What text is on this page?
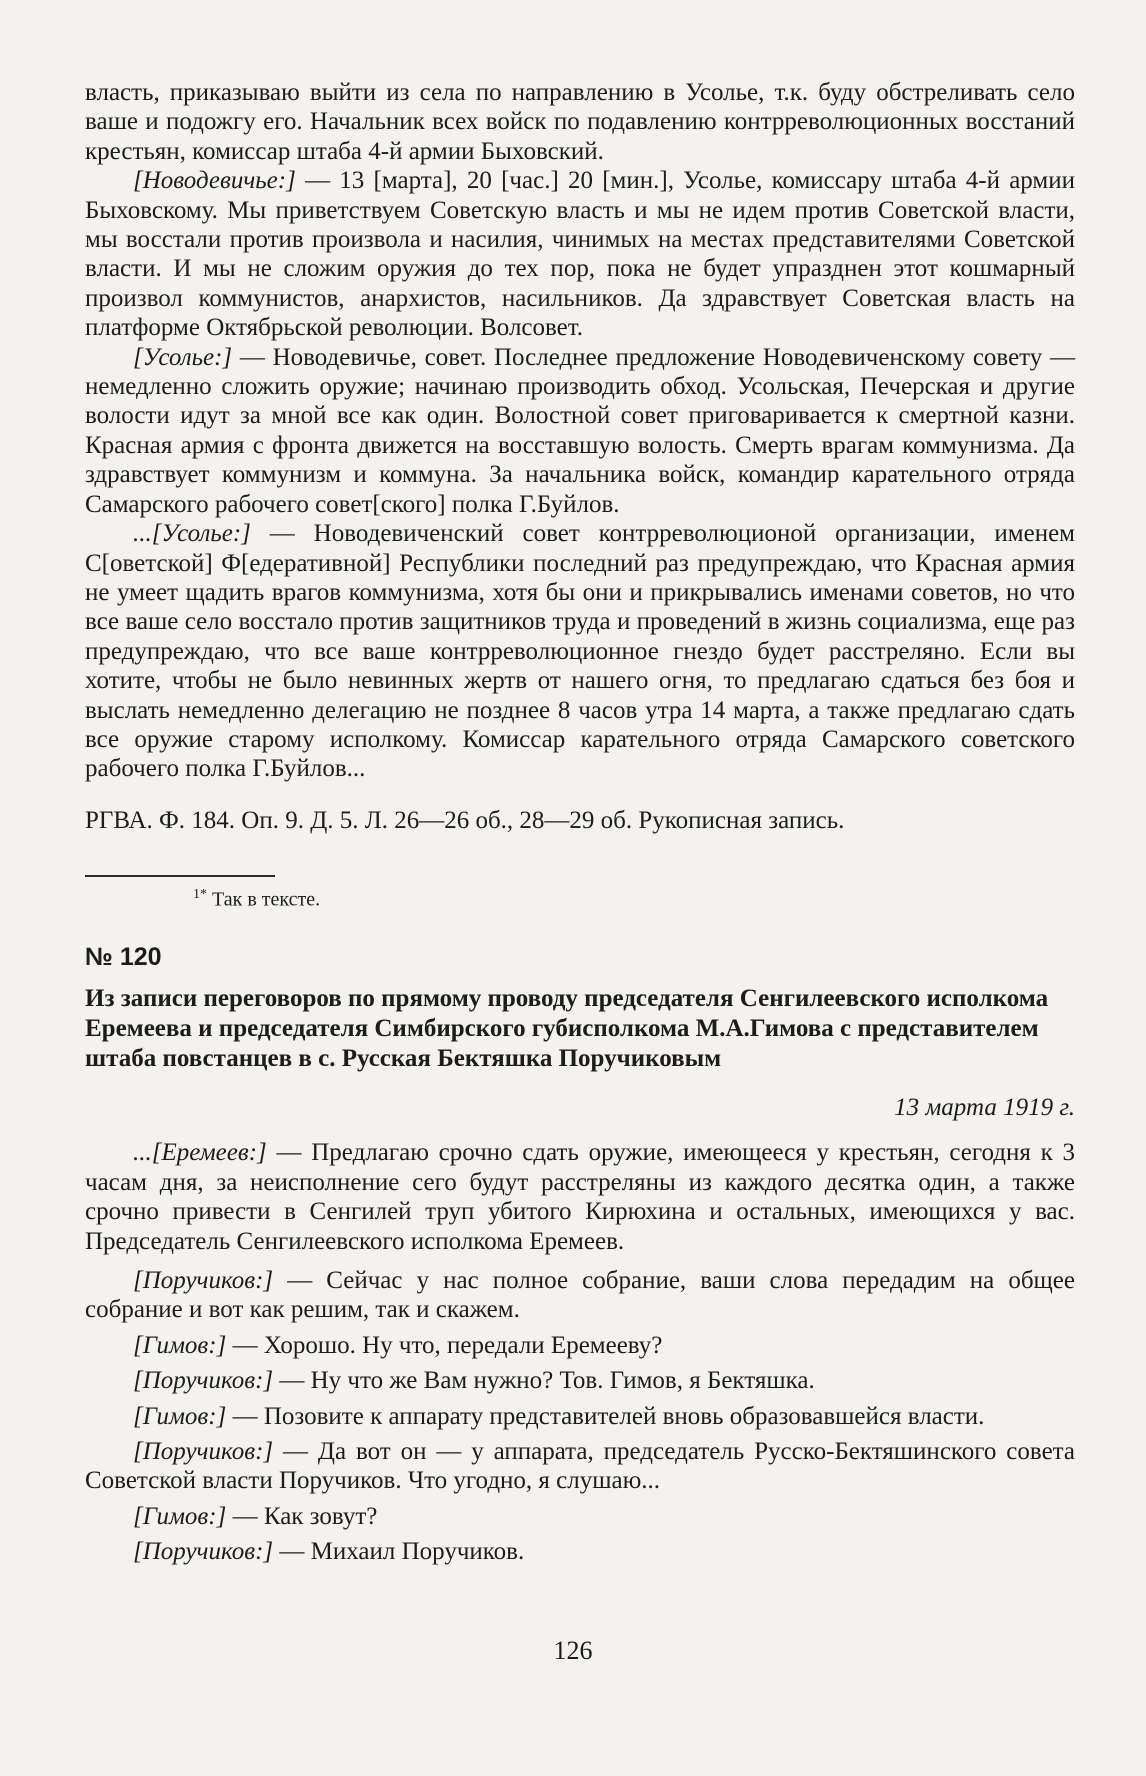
власть, приказываю выйти из села по направлению в Усолье, т.к. буду обстреливать село ваше и подожгу его. Начальник всех войск по подавлению контрреволюционных восстаний крестьян, комиссар штаба 4-й армии Быховский.

[Новодевичье:] — 13 [марта], 20 [час.] 20 [мин.], Усолье, комиссару штаба 4-й армии Быховскому. Мы приветствуем Советскую власть и мы не идем против Советской власти, мы восстали против произвола и насилия, чинимых на местах представителями Советской власти. И мы не сложим оружия до тех пор, пока не будет упразднен этот кошмарный произвол коммунистов, анархистов, насильников. Да здравствует Советская власть на платформе Октябрьской революции. Волсовет.

[Усолье:] — Новодевичье, совет. Последнее предложение Новодевиченскому совету — немедленно сложить оружие; начинаю производить обход. Усольская, Печерская и другие волости идут за мной все как один. Волостной совет приговаривается к смертной казни. Красная армия с фронта движется на восставшую волость. Смерть врагам коммунизма. Да здравствует коммунизм и коммуна. За начальника войск, командир карательного отряда Самарского рабочего совет[ского] полка Г.Буйлов.

...[Усолье:] — Новодевиченский совет контрреволюционой организации, именем С[оветской] Ф[едеративной] Республики последний раз предупреждаю, что Красная армия не умеет щадить врагов коммунизма, хотя бы они и прикрывались именами советов, но что все ваше село восстало против защитников труда и проведений в жизнь социализма, еще раз предупреждаю, что все ваше контрреволюционное гнездо будет расстреляно. Если вы хотите, чтобы не было невинных жертв от нашего огня, то предлагаю сдаться без боя и выслать немедленно делегацию не позднее 8 часов утра 14 марта, а также предлагаю сдать все оружие старому исполкому. Комиссар карательного отряда Самарского советского рабочего полка Г.Буйлов...

РГВА. Ф. 184. Оп. 9. Д. 5. Л. 26—26 об., 28—29 об. Рукописная запись.

$^{1*}$ Так в тексте.
№ 120
Из записи переговоров по прямому проводу председателя Сенгилеевского исполкома Еремеева и председателя Симбирского губисполкома М.А.Гимова с представителем штаба повстанцев в с. Русская Бектяшка Поручиковым
13 марта 1919 г.

...[Еремеев:] — Предлагаю срочно сдать оружие, имеющееся у крестьян, сегодня к 3 часам дня, за неисполнение сего будут расстреляны из каждого десятка один, а также срочно привести в Сенгилей труп убитого Кирюхина и остальных, имеющихся у вас. Председатель Сенгилеевского исполкома Еремеев.

[Поручиков:] — Сейчас у нас полное собрание, ваши слова передадим на общее собрание и вот как решим, так и скажем.

[Гимов:] — Хорошо. Ну что, передали Еремееву?

[Поручиков:] — Ну что же Вам нужно? Тов. Гимов, я Бектяшка.

[Гимов:] — Позовите к аппарату представителей вновь образовавшейся власти.

[Поручиков:] — Да вот он — у аппарата, председатель Русско-Бектяшинского совета Советской власти Поручиков. Что угодно, я слушаю...

[Гимов:] — Как зовут?

[Поручиков:] — Михаил Поручиков.

126
